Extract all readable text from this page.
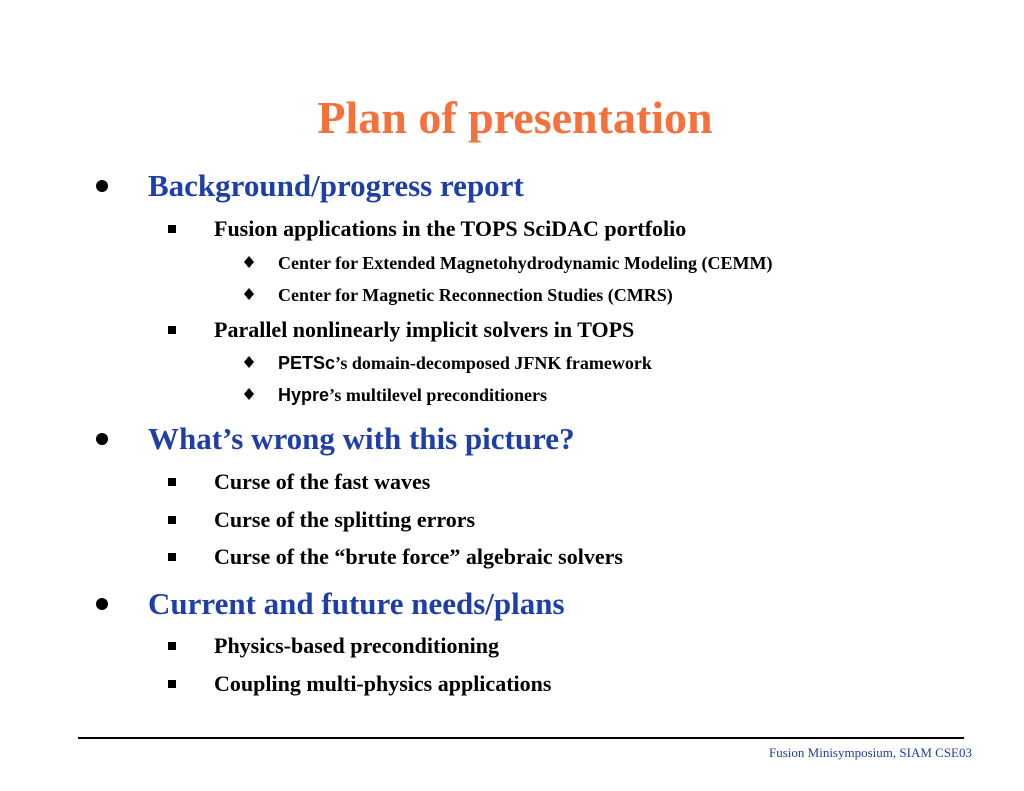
Plan of presentation
Background/progress report
Fusion applications in the TOPS SciDAC portfolio
Center for Extended Magnetohydrodynamic Modeling (CEMM)
Center for Magnetic Reconnection Studies (CMRS)
Parallel nonlinearly implicit solvers in TOPS
PETSc’s domain-decomposed JFNK framework
Hypre’s multilevel preconditioners
What’s wrong with this picture?
Curse of the fast waves
Curse of the splitting errors
Curse of the “brute force” algebraic solvers
Current and future needs/plans
Physics-based preconditioning
Coupling multi-physics applications
Fusion Minisymposium, SIAM CSE03
